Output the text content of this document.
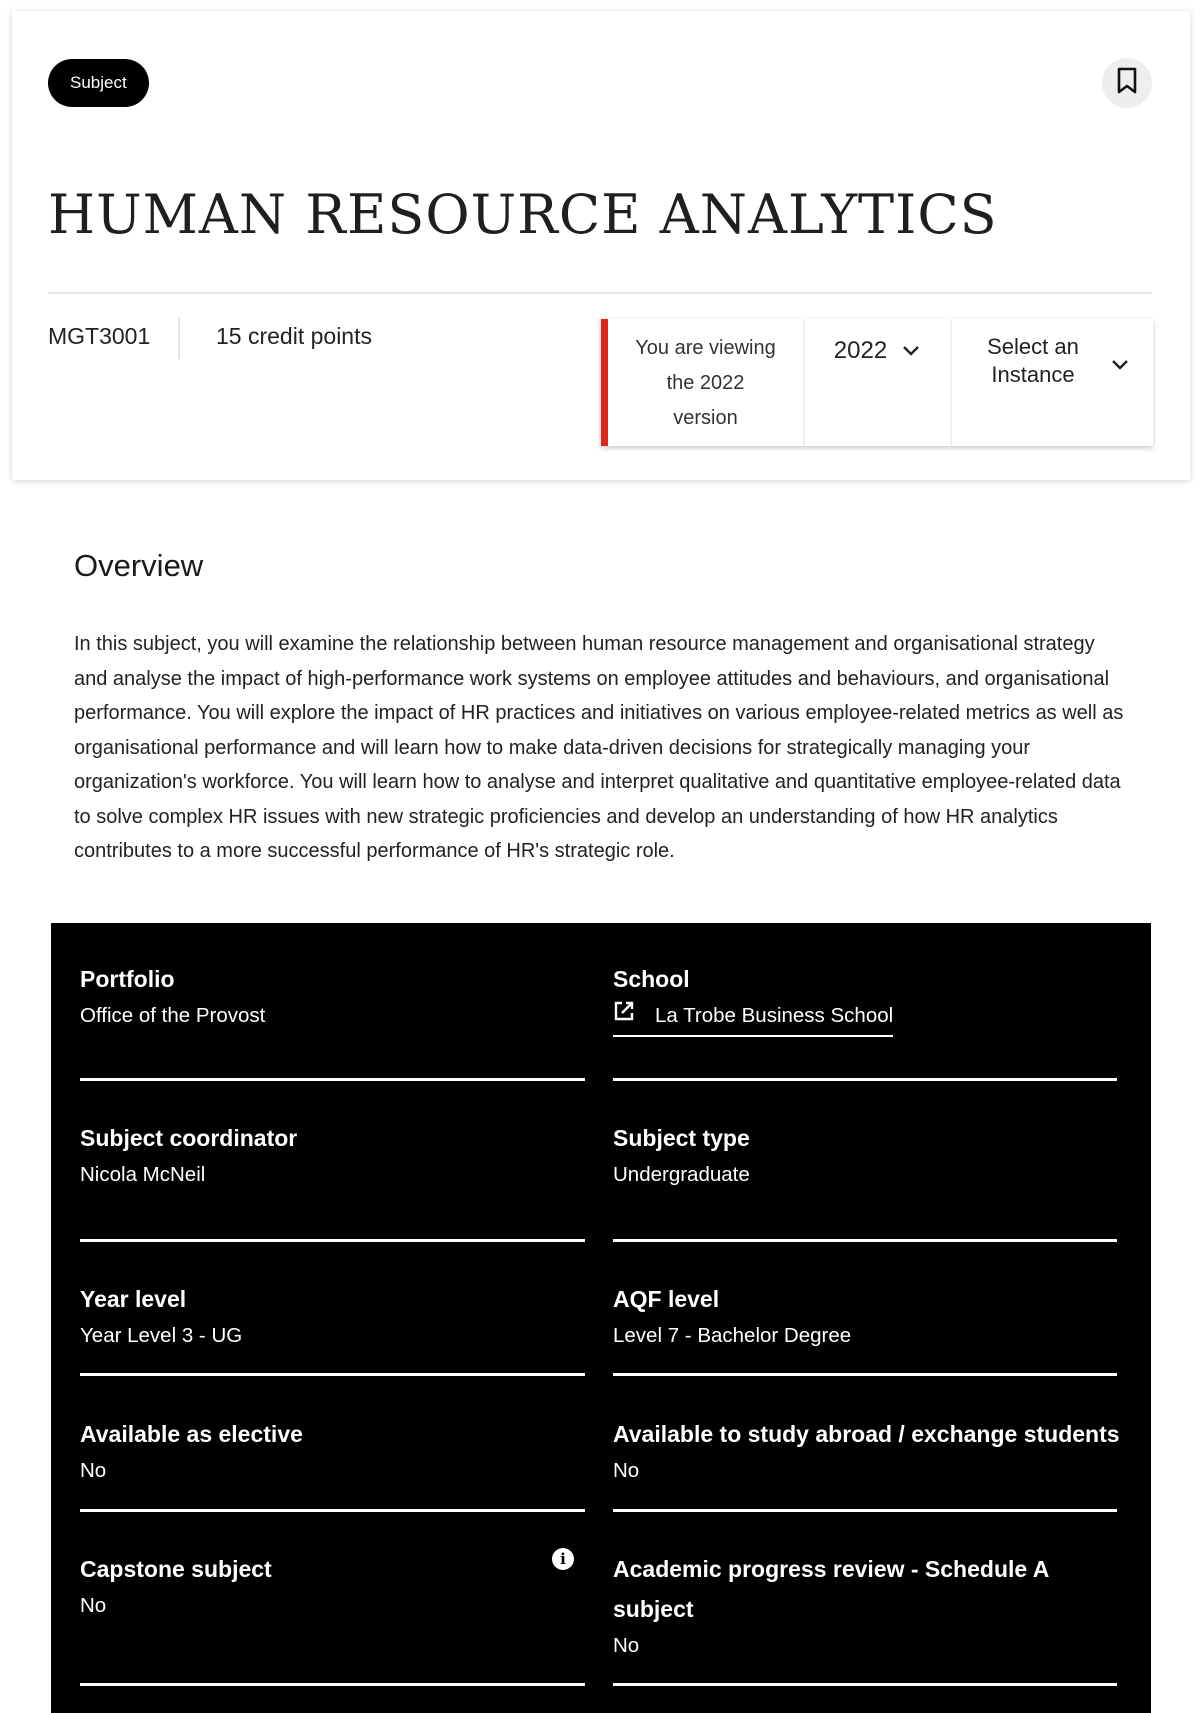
Subject
HUMAN RESOURCE ANALYTICS
MGT3001	15 credit points	You are viewing
the 2022
version
2022	Select an
Instance
Overview

In this subject, you will examine the relationship between human resource management and organisational strategy and analyse the impact of high-performance work systems on employee attitudes and behaviours, and organisational performance. You will explore the impact of HR practices and initiatives on various employee-related metrics as well as organisational performance and will learn how to make data-driven decisions for strategically managing your organization's workforce. You will learn how to analyse and interpret qualitative and quantitative employee-related data to solve complex HR issues with new strategic proficiencies and develop an understanding of how HR analytics contributes to a more successful performance of HR's strategic role.

Portfolio
Office of the Provost
School
La Trobe Business School
Subject coordinator
Nicola McNeil
Subject type
Undergraduate
Year level
Year Level 3 - UG
AQF level
Level 7 - Bachelor Degree
Available as elective
No
Available to study abroad / exchange students
No
Capstone subject
No
i	Academic progress review - Schedule A
subject
No
